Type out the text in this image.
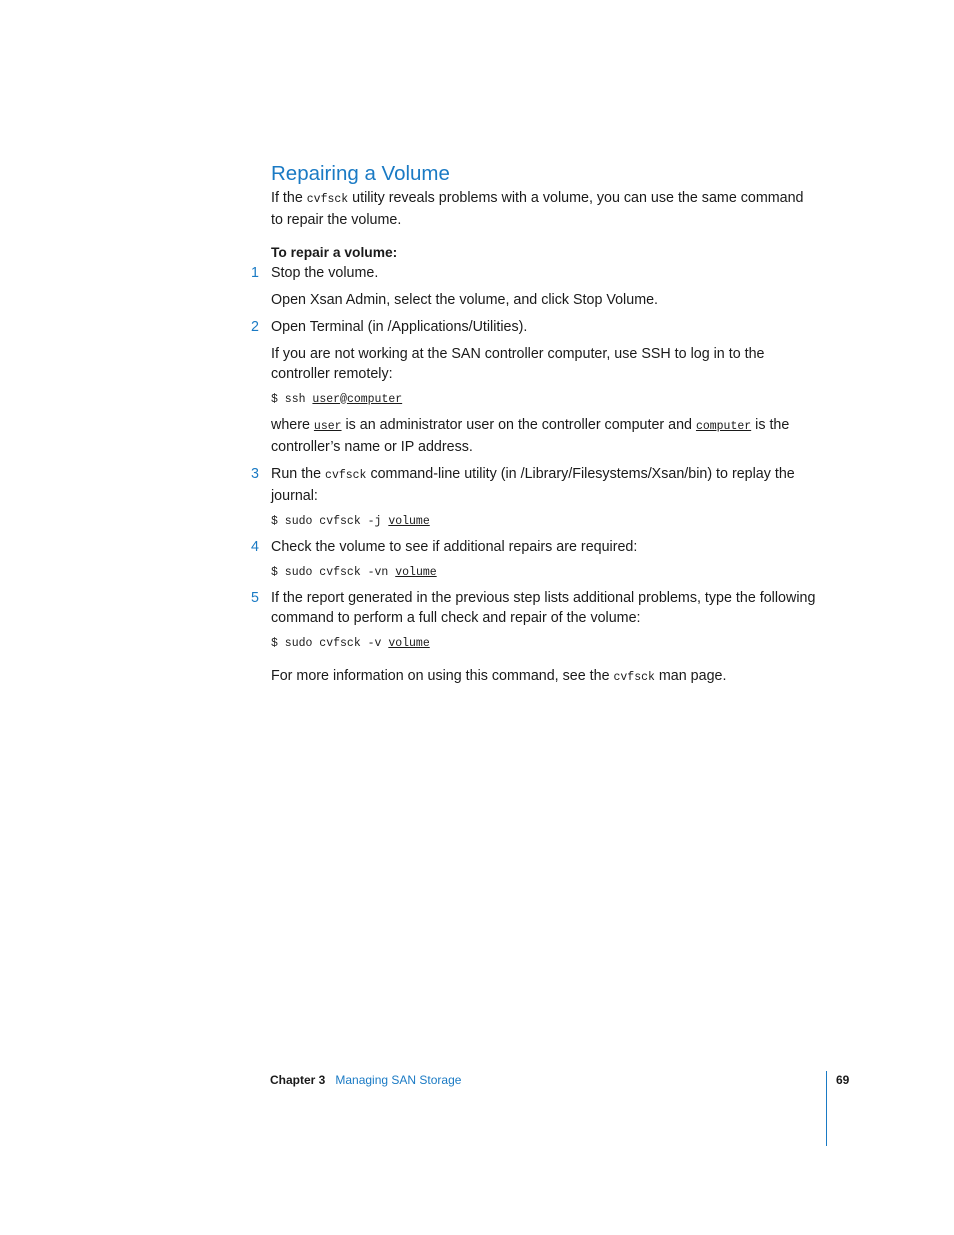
Repairing a Volume

If the cvfsck utility reveals problems with a volume, you can use the same command to repair the volume.

To repair a volume:

1 Stop the volume.

Open Xsan Admin, select the volume, and click Stop Volume.

2 Open Terminal (in /Applications/Utilities).

If you are not working at the SAN controller computer, use SSH to log in to the controller remotely:

$ ssh user@computer

where user is an administrator user on the controller computer and computer is the controller’s name or IP address.

3 Run the cvfsck command-line utility (in /Library/Filesystems/Xsan/bin) to replay the journal:

$ sudo cvfsck -j volume
4 Check the volume to see if additional repairs are required:

$ sudo cvfsck -vn volume
5 If the report generated in the previous step lists additional problems, type the following command to perform a full check and repair of the volume:

$ sudo cvfsck -v volume

For more information on using this command, see the cvfsck man page.

Chapter 3 Managing SAN Storage	69
